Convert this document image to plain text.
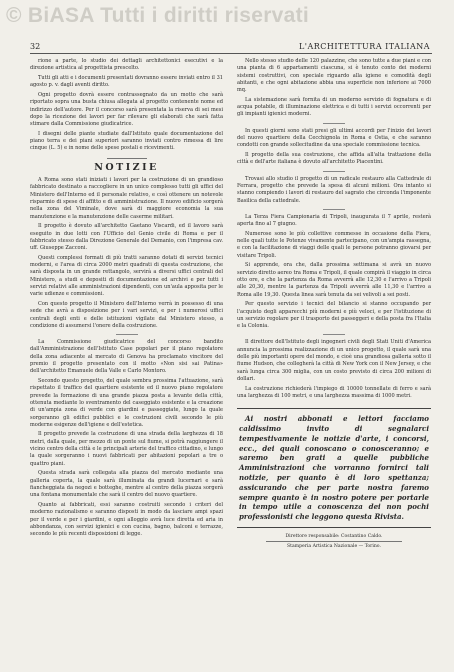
© BiASA Tutti i diritti riservati
32	L'ARCHITETTURA ITALIANA

rione a parte, lo studio dei dettagli architettonici esecutivi e la direzione artistica al progettista prescelto.

Tutti gli atti e i documenti presentati dovranno essere inviati entro il 31 agosto p. v. dagli aventi diritto.

Ogni progetto dovrà essere contrassegnato da un motto che sarà riportato sopra una busta chiusa allegata al progetto contenente nome ed indirizzo dell'autore. Per il concorso sarà presentata la riserva di sei mesi dopo la ricezione dei lavori per far rilevare gli elaborati che sarà fatta stimare dalla Commissione giudicatrice.

I disegni delle piante studiate dall'Istituto quale documentazione del piano terra e dei piani superiori saranno inviati contro rimessa di lire cinque (L. 5) e in nome delle spese postali e ricevimenti.

NOTIZIE

A Roma sono stati iniziati i lavori per la costruzione di un grandioso fabbricato destinato a raccogliere in un unico complesso tutti gli uffici del Ministero dell'Interno ed il personale relativo, e così ottenere un notevole risparmio di spese di affitto e di amministrazione. Il nuovo edificio sorgerà nella zona del Viminale, dove sarà di maggiore economia la sua manutenzione e la manutenzione delle caserme militari.

Il progetto è dovuto all'architetto Gaetano Viscardi, ed il lavoro sarà eseguito in due lotti con l'Ufficio del Genio civile di Roma e per il fabbricato stesso dalla Direzione Generale del Demanio, con l'impresa cav. uff. Giuseppe Zacconi.

Questi complessi formati di più tratti saranno dotati di servizi tecnici moderni, e l'area di circa 2000 metri quadrati di questa costruzione, che sarà disposta in un grande rettangolo, servirà a diversi uffici centrali del Ministero, a studi e depositi di documentazione ed archivi e per tutti i servizi relativi alle amministrazioni dipendenti, con un'aula apposita per le varie udienze e commissioni.

Con questo progetto il Ministero dell'Interno verrà in possesso di una sede che avrà a disposizione per i vari servizi, e per i numerosi uffici centrali degli enti e delle istituzioni vigilate dal Ministero stesso, a condizione di assumersi l'onere della costruzione.

La Commissione giudicatrice del concorso bandito dall'Amministrazione dell'Istituto Case popolari per il piano regolatore della zona adiacente al mercato di Genova ha proclamato vincitore del premio il progetto presentato con il motto «Non sisi sai Patina» dell'architetto Emanuele della Valle e Carlo Montoro.

Secondo questo progetto, del quale sembra prossima l'attuazione, sarà rispettato il traffico del quartiere esistente ed il nuovo piano regolatore prevede la formazione di una grande piazza posta a levante della città, ottenuta mediante lo sventramento del caseggiato esistente e la creazione di un'ampia zona di verde con giardini e passeggiate, lungo la quale sorgeranno gli edifici pubblici e le costruzioni civili secondo le più moderne esigenze dell'igiene e dell'estetica.

Il progetto prevede la costruzione di una strada della larghezza di 18 metri, dalla quale, per mezzo di un ponte sul fiume, si potrà raggiungere il vicino centro della città e le principali arterie del traffico cittadino, e lungo la quale sorgeranno i nuovi fabbricati per abitazioni popolari a tre o quattro piani.

Questa strada sarà collegata alla piazza del mercato mediante una galleria coperta, la quale sarà illuminata da grandi lucernari e sarà fiancheggiata da negozi e botteghe, mentre al centro della piazza sorgerà una fontana monumentale che sarà il centro del nuovo quartiere.

Quanto ai fabbricati, essi saranno costruiti secondo i criteri del moderno razionalismo e saranno disposti in modo da lasciare ampi spazi per il verde e per i giardini, e ogni alloggio avrà luce diretta ed aria in abbondanza, con servizi igienici e con cucina, bagno, balconi e terrazze, secondo le più recenti disposizioni di legge.

Nello stesso studio delle 120 palazzine, che sono tutte a due piani e con una pianta di 6 appartamenti ciascuna, si è tenuto conto dei moderni sistemi costruttivi, con speciale riguardo alla igiene e comodità degli abitanti, e che ogni abitazione abbia una superficie non inferiore ai 7000 mq.

La sistemazione sarà fornita di un moderno servizio di fognatura e di acqua potabile, di illuminazione elettrica e di tutti i servizi occorrenti per gli impianti igienici moderni.

In questi giorni sono stati presi gli ultimi accordi per l'inizio dei lavori del nuovo quartiere della Cecchignola in Roma e Ostia, e che saranno condotti con grande sollecitudine da una speciale commissione tecnica.

Il progetto della sua costruzione, che affida all'alta trattazione della città e dell'arte italiana è dovuto all'architetto Piacentini.

Trovasi allo studio il progetto di un radicale restauro alla Cattedrale di Ferrara, progetto che prevede la spesa di alcuni milioni. Ora intanto si stanno compiendo i lavori di restauro del sagrato che circonda l'imponente Basilica della cattedrale.

La Terza Fiera Campionaria di Tripoli, inaugurata il 7 aprile, resterà aperta fino al 7 giugno.

Numerose sono le più collettive commesse in occasione della Fiera, nelle quali tutte le Potenze vivamente partecipano, con un'ampia rassegna, e con la facilitazione di viaggi delle quali le persone potranno giovarsi per visitare Tripoli.

Si apprende, ora che, dalla prossima settimana si avrà un nuovo servizio diretto aereo tra Roma e Tripoli, il quale compirà il viaggio in circa otto ore, e che la partenza da Roma avverrà alle 12,30 e l'arrivo a Tripoli alle 20,30, mentre la partenza da Tripoli avverrà alle 11,30 e l'arrivo a Roma alle 19,30. Questa linea sarà tenuta da sei velivoli a sei posti.

Per questo servizio i tecnici del bilancio si stanno occupando per l'acquisto degli apparecchi più moderni e più veloci, e per l'istituzione di un servizio regolare per il trasporto dei passeggeri e della posta fra l'Italia e la Colonia.

Il direttore dell'Istituto degli ingegneri civili degli Stati Uniti d'America annuncia la prossima realizzazione di un unico progetto, il quale sarà una delle più importanti opere del mondo, e cioè una grandiosa galleria sotto il fiume Hudson, che collegherà la città di New York con il New Jersey, e che sarà lunga circa 300 miglia, con un costo previsto di circa 200 milioni di dollari.

La costruzione richiederà l'impiego di 10000 tonnellate di ferro e sarà una larghezza di 100 metri, e una larghezza massima di 1000 metri.

Ai nostri abbonati e lettori facciamo caldissimo invito di segnalarci tempestivamente le notizie d'arte, i concorsi, ecc., dei quali conoscano o conosceranno; e saremo ben grati a quelle pubbliche Amministrazioni che vorranno fornirci tali notizie, per quanto è di loro spettanza; assicurando che per parte nostra faremo sempre quanto è in nostro potere per portarle in tempo utile a conoscenza dei non pochi professionisti che leggono questa Rivista.

Direttore responsabile: Costantino Caldo.
Stamperia Artistica Nazionale — Torino.
